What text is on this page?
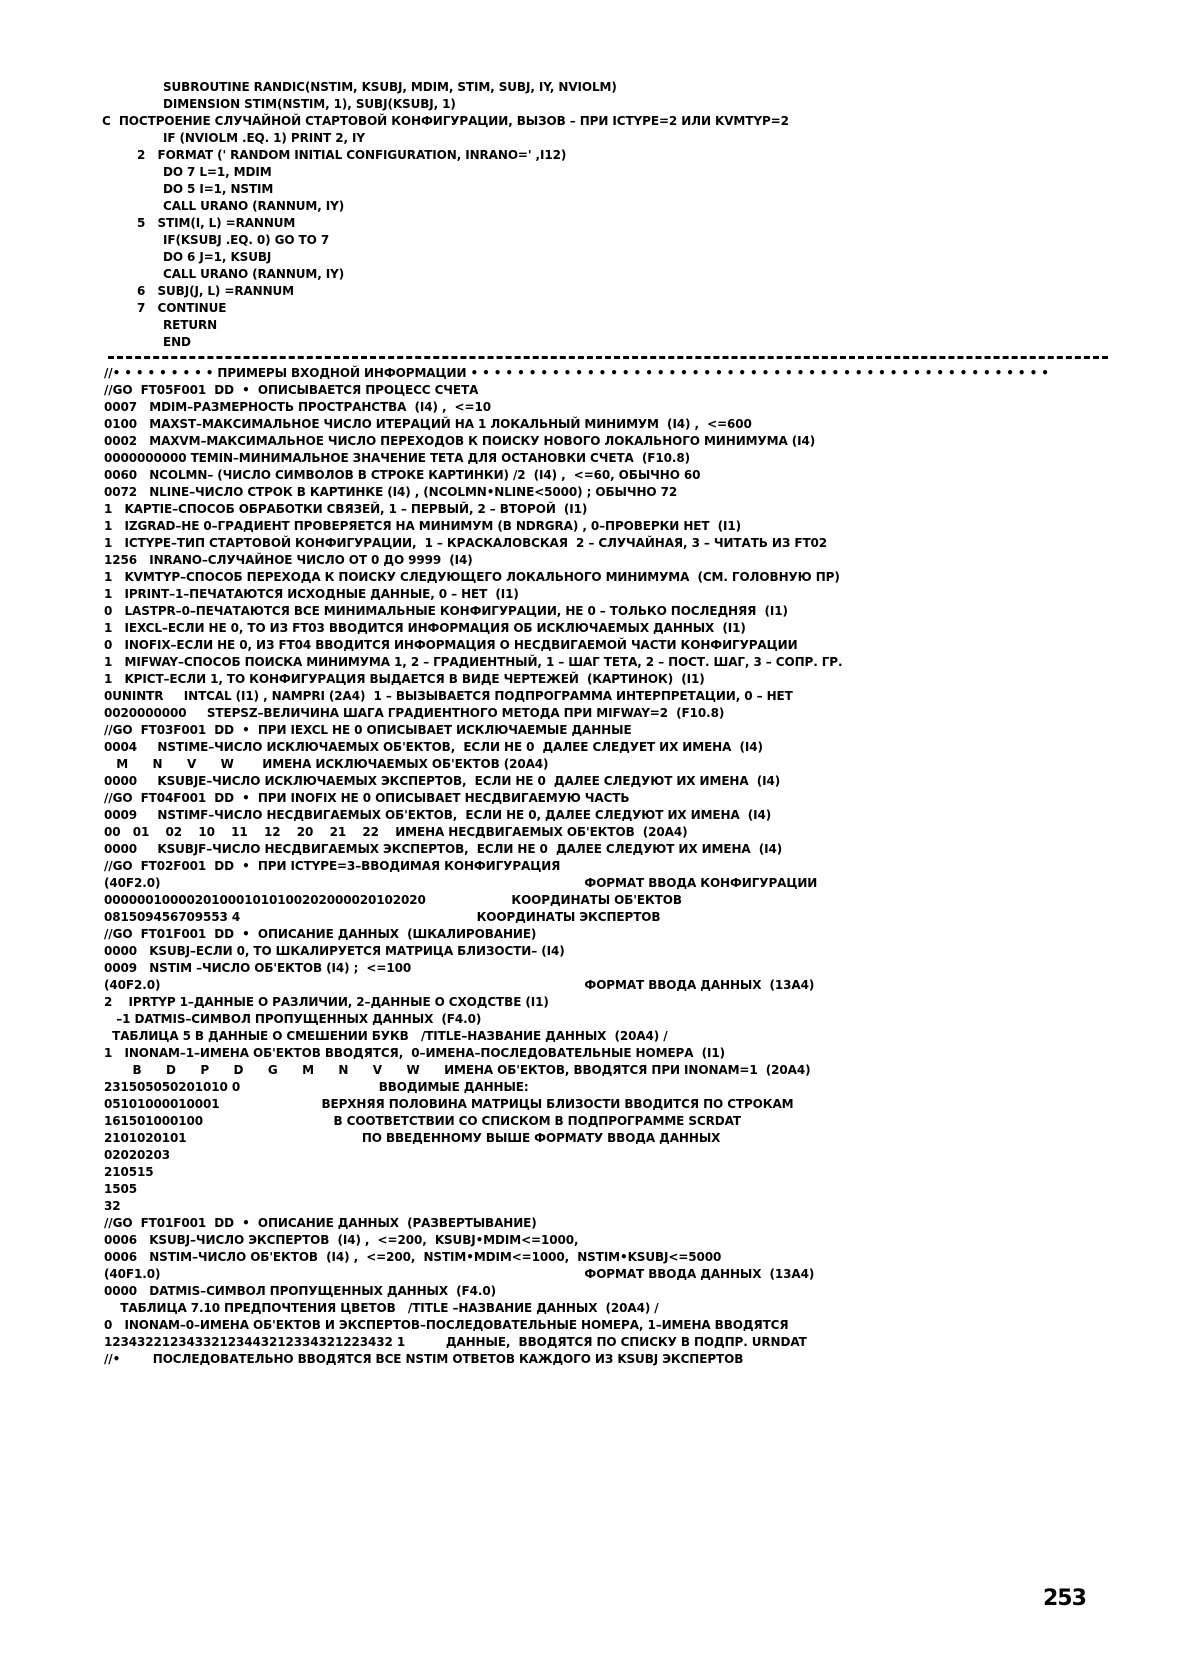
SUBROUTINE RANDIC(NSTIM, KSUBJ, MDIM, STIM, SUBJ, IY, NVIOLM)
DIMENSION STIM(NSTIM, 1), SUBJ(KSUBJ, 1)
C  ПОСТРОЕНИЕ СЛУЧАЙНОЙ СТАРТОВОЙ КОНФИГУРАЦИИ, ВЫЗОВ – ПРИ ICTYPE=2 ИЛИ KVMTYP=2
IF (NVIOLM .EQ. 1) PRINT 2, IY
2   FORMAT (' RANDOM INITIAL CONFIGURATION, INRANO=' ,I12)
DO 7 L=1, MDIM
DO 5 I=1, NSTIM
CALL URANO (RANNUM, IY)
5   STIM(I, L) =RANNUM
IF(KSUBJ .EQ. 0) GO TO 7
DO 6 J=1, KSUBJ
CALL URANO (RANNUM, IY)
6   SUBJ(J, L) =RANNUM
7   CONTINUE
RETURN
END
//• • • • • • • • • ПРИМЕРЫ ВХОДНОЙ ИНФОРМАЦИИ • • • • • • • • • • • • • • • • • • • • • • • • • • • • • • • • • • • • • • • • • • • • • • • • • •
//GO  FT05F001  DD  •  ОПИСЫВАЕТСЯ ПРОЦЕСС СЧЕТА
0007   MDIM–РАЗМЕРНОСТЬ ПРОСТРАНСТВА  (I4) ,  <=10
0100   MAXST–МАКСИМАЛЬНОЕ ЧИСЛО ИТЕРАЦИЙ НА 1 ЛОКАЛЬНЫЙ МИНИМУМ  (I4) ,  <=600
0002   MAXVM–МАКСИМАЛЬНОЕ ЧИСЛО ПЕРЕХОДОВ К ПОИСКУ НОВОГО ЛОКАЛЬНОГО МИНИМУМА (I4)
0000000000 TEMIN–МИНИМАЛЬНОЕ ЗНАЧЕНИЕ ТЕТА ДЛЯ ОСТАНОВКИ СЧЕТА  (F10.8)
0060   NCOLMN– (ЧИСЛО СИМВОЛОВ В СТРОКЕ КАРТИНКИ) /2  (I4) ,  <=60, ОБЫЧНО 60
0072   NLINE–ЧИСЛО СТРОК В КАРТИНКЕ (I4) , (NCOLMN•NLINE<5000) ; ОБЫЧНО 72
1   KAPTIE–СПОСОБ ОБРАБОТКИ СВЯЗЕЙ, 1 – ПЕРВЫЙ, 2 – ВТОРОЙ  (I1)
1   IZGRAD–НЕ 0–ГРАДИЕНТ ПРОВЕРЯЕТСЯ НА МИНИМУМ (В NDRGRA) , 0–ПРОВЕРКИ НЕТ  (I1)
1   ICTYPE–ТИП СТАРТОВОЙ КОНФИГУРАЦИИ,  1 – КРАСКАЛОВСКАЯ  2 – СЛУЧАЙНАЯ, 3 – ЧИТАТЬ ИЗ FT02
1256   INRANO–СЛУЧАЙНОЕ ЧИСЛО ОТ 0 ДО 9999  (I4)
1   KVMTYP–СПОСОБ ПЕРЕХОДА К ПОИСКУ СЛЕДУЮЩЕГО ЛОКАЛЬНОГО МИНИМУМА  (СМ. ГОЛОВНУЮ ПР)
1   IPRINT–1–ПЕЧАТАЮТСЯ ИСХОДНЫЕ ДАННЫЕ, 0 – НЕТ  (I1)
0   LASTPR–0–ПЕЧАТАЮТСЯ ВСЕ МИНИМАЛЬНЫЕ КОНФИГУРАЦИИ, НЕ 0 – ТОЛЬКО ПОСЛЕДНЯЯ  (I1)
1   IEXCL–ЕСЛИ НЕ 0, ТО ИЗ FT03 ВВОДИТСЯ ИНФОРМАЦИЯ ОБ ИСКЛЮЧАЕМЫХ ДАННЫХ  (I1)
0   INOFIX–ЕСЛИ НЕ 0, ИЗ FT04 ВВОДИТСЯ ИНФОРМАЦИЯ О НЕСДВИГАЕМОЙ ЧАСТИ КОНФИГУРАЦИИ
1   MIFWAY–СПОСОБ ПОИСКА МИНИМУМА 1, 2 – ГРАДИЕНТНЫЙ, 1 – ШАГ ТЕТА, 2 – ПОСТ. ШАГ, 3 – СОПР. ГР.
1   KPICT–ЕСЛИ 1, ТО КОНФИГУРАЦИЯ ВЫДАЕТСЯ В ВИДЕ ЧЕРТЕЖЕЙ  (КАРТИНОК)  (I1)
0UNINTR     INTCAL (I1) , NAMPRI (2A4)  1 – ВЫЗЫВАЕТСЯ ПОДПРОГРАММА ИНТЕРПРЕТАЦИИ, 0 – НЕТ
0020000000     STEPSZ–ВЕЛИЧИНА ШАГА ГРАДИЕНТНОГО МЕТОДА ПРИ MIFWAY=2  (F10.8)
//GO  FT03F001  DD  •  ПРИ IEXCL НЕ 0 ОПИСЫВАЕТ ИСКЛЮЧАЕМЫЕ ДАННЫЕ
0004     NSTIME–ЧИСЛО ИСКЛЮЧАЕМЫХ ОБ'ЕКТОВ,  ЕСЛИ НЕ 0  ДАЛЕЕ СЛЕДУЕТ ИХ ИМЕНА  (I4)
M      N      V      W       ИМЕНА ИСКЛЮЧАЕМЫХ ОБ'ЕКТОВ (20A4)
0000     KSUBJE–ЧИСЛО ИСКЛЮЧАЕМЫХ ЭКСПЕРТОВ,  ЕСЛИ НЕ 0  ДАЛЕЕ СЛЕДУЮТ ИХ ИМЕНА  (I4)
//GO  FT04F001  DD  •  ПРИ INOFIX НЕ 0 ОПИСЫВАЕТ НЕСДВИГАЕМУЮ ЧАСТЬ
0009     NSTIMF–ЧИСЛО НЕСДВИГАЕМЫХ ОБ'ЕКТОВ,  ЕСЛИ НЕ 0, ДАЛЕЕ СЛЕДУЮТ ИХ ИМЕНА  (I4)
00   01    02    10    11    12    20    21    22    ИМЕНА НЕСДВИГАЕМЫХ ОБ'ЕКТОВ  (20A4)
0000     KSUBJF–ЧИСЛО НЕСДВИГАЕМЫХ ЭКСПЕРТОВ,  ЕСЛИ НЕ 0  ДАЛЕЕ СЛЕДУЮТ ИХ ИМЕНА  (I4)
//GO  FT02F001  DD  •  ПРИ ICTYPE=3–ВВОДИМАЯ КОНФИГУРАЦИЯ
(40F2.0)                                                                                                        ФОРМАТ ВВОДА КОНФИГУРАЦИИ
000000100002010001010100202000020102020                     КООРДИНАТЫ ОБ'ЕКТОВ
081509456709553 4                                                          КООРДИНАТЫ ЭКСПЕРТОВ
//GO  FT01F001  DD  •  ОПИСАНИЕ ДАННЫХ  (ШКАЛИРОВАНИЕ)
0000   KSUBJ–ЕСЛИ 0, ТО ШКАЛИРУЕТСЯ МАТРИЦА БЛИЗОСТИ– (I4)
0009   NSTIM –ЧИСЛО ОБ'ЕКТОВ (I4) ;  <=100
(40F2.0)                                                                                                        ФОРМАТ ВВОДА ДАННЫХ  (13A4)
2    IPRTYP 1–ДАННЫЕ О РАЗЛИЧИИ, 2–ДАННЫЕ О СХОДСТВЕ (I1)
–1 DATMIS–СИМВОЛ ПРОПУЩЕННЫХ ДАННЫХ  (F4.0)
ТАБЛИЦА 5 В ДАННЫЕ О СМЕШЕНИИ БУКВ   /TITLE–НАЗВАНИЕ ДАННЫХ  (20A4) /
1   INONAM–1–ИМЕНА ОБ'ЕКТОВ ВВОДЯТСЯ,  0–ИМЕНА–ПОСЛЕДОВАТЕЛЬНЫЕ НОМЕРА  (I1)
B      D      P      D      G      M      N      V      W      ИМЕНА ОБ'ЕКТОВ, ВВОДЯТСЯ ПРИ INONAM=1  (20A4)
231505050201010 0                                  ВВОДИМЫЕ ДАННЫЕ:
05101000010001                         ВЕРХНЯЯ ПОЛОВИНА МАТРИЦЫ БЛИЗОСТИ ВВОДИТСЯ ПО СТРОКАМ
161501000100                                В СООТВЕТСТВИИ СО СПИСКОМ В ПОДПРОГРАММЕ SCRDAT
2101020101                                           ПО ВВЕДЕННОМУ ВЫШЕ ФОРМАТУ ВВОДА ДАННЫХ
02020203
210515
1505
32
//GO  FT01F001  DD  •  ОПИСАНИЕ ДАННЫХ  (РАЗВЕРТЫВАНИЕ)
0006   KSUBJ–ЧИСЛО ЭКСПЕРТОВ  (I4) ,  <=200,  KSUBJ•MDIM<=1000,
0006   NSTIM–ЧИСЛО ОБ'ЕКТОВ  (I4) ,  <=200,  NSTIM•MDIM<=1000,  NSTIM•KSUBJ<=5000
(40F1.0)                                                                                                        ФОРМАТ ВВОДА ДАННЫХ  (13A4)
0000   DATMIS–СИМВОЛ ПРОПУЩЕННЫХ ДАННЫХ  (F4.0)
ТАБЛИЦА 7.10 ПРЕДПОЧТЕНИЯ ЦВЕТОВ   /TITLE –НАЗВАНИЕ ДАННЫХ  (20A4) /
0   INONAM–0–ИМЕНА ОБ'ЕКТОВ И ЭКСПЕРТОВ–ПОСЛЕДОВАТЕЛЬНЫЕ НОМЕРА, 1–ИМЕНА ВВОДЯТСЯ
12343221234332123443212334321223432 1          ДАННЫЕ,  ВВОДЯТСЯ ПО СПИСКУ В ПОДПР. URNDAT
//•        ПОСЛЕДОВАТЕЛЬНО ВВОДЯТСЯ ВСЕ NSTIM ОТВЕТОВ КАЖДОГО ИЗ KSUBJ ЭКСПЕРТОВ
253
